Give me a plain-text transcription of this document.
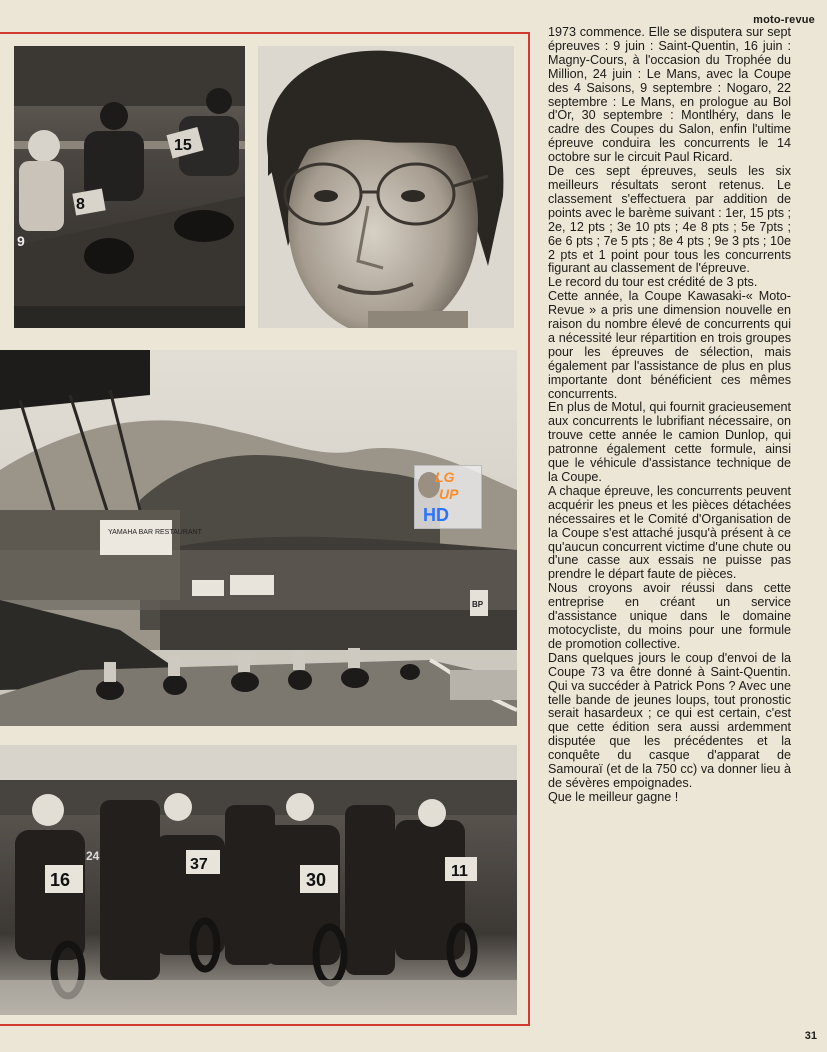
moto-revue
8
15
9
YAMAHA BAR RESTAURANT
BP
16
37
30	11
24
LG
UP
HD

1973 commence. Elle se disputera sur sept épreuves : 9 juin : Saint-Quentin, 16 juin : Magny-Cours, à l'occasion du Trophée du Million, 24 juin : Le Mans, avec la Coupe des 4 Saisons, 9 septembre : Nogaro, 22 septembre : Le Mans, en prologue au Bol d'Or, 30 septembre : Montlhéry, dans le cadre des Coupes du Salon, enfin l'ultime épreuve conduira les concurrents le 14 octobre sur le circuit Paul Ricard.

De ces sept épreuves, seuls les six meilleurs résultats seront retenus. Le classement s'effectuera par addition de points avec le barème suivant : 1er, 15 pts ; 2e, 12 pts ; 3e 10 pts ; 4e 8 pts ; 5e 7pts ; 6e 6 pts ; 7e 5 pts ; 8e 4 pts ; 9e 3 pts ; 10e 2 pts et 1 point pour tous les concurrents figurant au classement de l'épreuve.

Le record du tour est crédité de 3 pts.

Cette année, la Coupe Kawasaki-« Moto-Revue » a pris une dimension nouvelle en raison du nombre élevé de concurrents qui a nécessité leur répartition en trois groupes pour les épreuves de sélection, mais également par l'assistance de plus en plus importante dont bénéficient ces mêmes concurrents.

En plus de Motul, qui fournit gracieusement aux concurrents le lubrifiant nécessaire, on trouve cette année le camion Dunlop, qui patronne également cette formule, ainsi que le véhicule d'assistance technique de la Coupe.

A chaque épreuve, les concurrents peuvent acquérir les pneus et les pièces détachées nécessaires et le Comité d'Organisation de la Coupe s'est attaché jusqu'à présent à ce qu'aucun concurrent victime d'une chute ou d'une casse aux essais ne puisse pas prendre le départ faute de pièces.

Nous croyons avoir réussi dans cette entreprise en créant un service d'assistance unique dans le domaine motocycliste, du moins pour une formule de promotion collective.

Dans quelques jours le coup d'envoi de la Coupe 73 va être donné à Saint-Quentin. Qui va succéder à Patrick Pons ? Avec une telle bande de jeunes loups, tout pronostic serait hasardeux ; ce qui est certain, c'est que cette édition sera aussi ardemment disputée que les précédentes et la conquête du casque d'apparat de Samouraï (et de la 750 cc) va donner lieu à de sévères empoignades.

Que le meilleur gagne !

31
